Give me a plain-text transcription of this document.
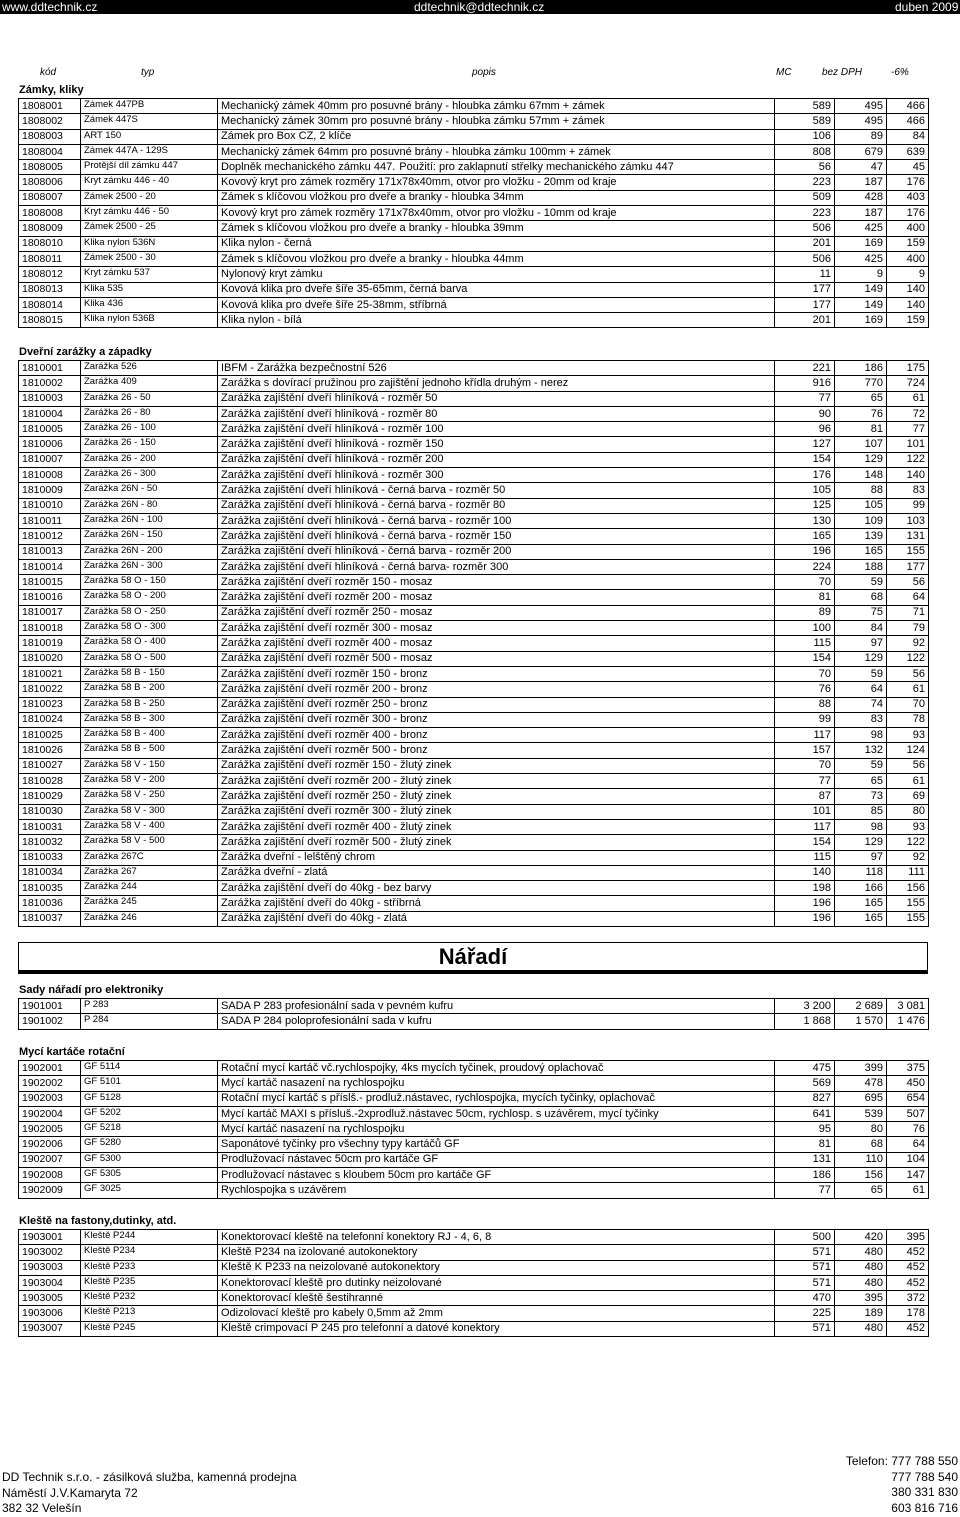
www.ddtechnik.cz	ddtechnik@ddtechnik.cz	duben 2009
kód	typ	popis	MC	bez DPH	-6%
Zámky, kliky
Dveřní zarážky a západky
Nářadí
Sady nářadí pro elektroniky
Mycí kartáče rotační
Kleště na fastony,dutinky, atd.
1808001	Zámek 447PB	Mechanický zámek 40mm pro posuvné brány - hloubka zámku 67mm + zámek	589	495	466
1808002	Zámek 447S	Mechanický zámek 30mm pro posuvné brány - hloubka zámku 57mm + zámek	589	495	466
1808003	ART 150	Zámek pro Box CZ, 2 klíče	106	89	84
1808004	Zámek 447A - 129S	Mechanický zámek 64mm pro posuvné brány - hloubka zámku 100mm + zámek	808	679	639
1808005	Protější díl zámku 447	Doplněk mechanického zámku 447. Použití: pro zaklapnutí střelky mechanického zámku 447	56	47	45
1808006	Kryt zámku 446 - 40	Kovový kryt pro zámek rozměry 171x78x40mm, otvor pro vložku - 20mm od kraje	223	187	176
1808007	Zámek 2500 - 20	Zámek s klíčovou vložkou pro dveře a branky - hloubka 34mm	509	428	403
1808008	Kryt zámku 446 - 50	Kovový kryt pro zámek rozměry 171x78x40mm, otvor pro vložku - 10mm od kraje	223	187	176
1808009	Zámek 2500 - 25	Zámek s klíčovou vložkou pro dveře a branky - hloubka 39mm	506	425	400
1808010	Klika nylon 536N	Klika nylon - černá	201	169	159
1808011	Zámek 2500 - 30	Zámek s klíčovou vložkou pro dveře a branky - hloubka 44mm	506	425	400
1808012	Kryt zámku 537	Nylonový kryt zámku	11	9	9
1808013	Klika 535	Kovová klika pro dveře šíře 35-65mm, černá barva	177	149	140
1808014	Klika 436	Kovová klika pro dveře šíře 25-38mm, stříbrná	177	149	140
1808015	Klika nylon 536B	Klika nylon - bílá	201	169	159
1810001	Zarážka 526	IBFM - Zarážka bezpečnostní 526	221	186	175
1810002	Zarážka 409	Zarážka s dovírací pružinou pro zajištění jednoho křídla druhým - nerez	916	770	724
1810003	Zarážka 26 - 50	Zarážka zajištění dveří hliníková - rozměr 50	77	65	61
1810004	Zarážka 26 - 80	Zarážka zajištění dveří hliníková - rozměr 80	90	76	72
1810005	Zarážka 26 - 100	Zarážka zajištění dveří hliníková - rozměr 100	96	81	77
1810006	Zarážka 26 - 150	Zarážka zajištění dveří hliníková - rozměr 150	127	107	101
1810007	Zarážka 26 - 200	Zarážka zajištění dveří hliníková - rozměr 200	154	129	122
1810008	Zarážka 26 - 300	Zarážka zajištění dveří hliníková - rozměr 300	176	148	140
1810009	Zarážka 26N - 50	Zarážka zajištění dveří hliníková - černá barva - rozměr 50	105	88	83
1810010	Zarážka 26N - 80	Zarážka zajištění dveří hliníková - černá barva - rozměr 80	125	105	99
1810011	Zarážka 26N - 100	Zarážka zajištění dveří hliníková - černá barva - rozměr 100	130	109	103
1810012	Zarážka 26N - 150	Zarážka zajištění dveří hliníková - černá barva - rozměr 150	165	139	131
1810013	Zarážka 26N - 200	Zarážka zajištění dveří hliníková - černá barva - rozměr 200	196	165	155
1810014	Zarážka 26N - 300	Zarážka zajištění dveří hliníková - černá barva- rozměr 300	224	188	177
1810015	Zarážka 58 O - 150	Zarážka zajištění dveří rozměr 150 - mosaz	70	59	56
1810016	Zarážka 58 O - 200	Zarážka zajištění dveří rozměr 200 - mosaz	81	68	64
1810017	Zarážka 58 O - 250	Zarážka zajištění dveří rozměr 250 - mosaz	89	75	71
1810018	Zarážka 58 O - 300	Zarážka zajištění dveří rozměr 300 - mosaz	100	84	79
1810019	Zarážka 58 O - 400	Zarážka zajištění dveří rozměr 400 - mosaz	115	97	92
1810020	Zarážka 58 O - 500	Zarážka zajištění dveří rozměr 500 - mosaz	154	129	122
1810021	Zarážka 58 B - 150	Zarážka zajištění dveří rozměr 150 - bronz	70	59	56
1810022	Zarážka 58 B - 200	Zarážka zajištění dveří rozměr 200 - bronz	76	64	61
1810023	Zarážka 58 B - 250	Zarážka zajištění dveří rozměr 250 - bronz	88	74	70
1810024	Zarážka 58 B - 300	Zarážka zajištění dveří rozměr 300 - bronz	99	83	78
1810025	Zarážka 58 B - 400	Zarážka zajištění dveří rozměr 400 - bronz	117	98	93
1810026	Zarážka 58 B - 500	Zarážka zajištění dveří rozměr 500 - bronz	157	132	124
1810027	Zarážka 58 V - 150	Zarážka zajištění dveří rozměr 150 - žlutý zinek	70	59	56
1810028	Zarážka 58 V - 200	Zarážka zajištění dveří rozměr 200 - žlutý zinek	77	65	61
1810029	Zarážka 58 V - 250	Zarážka zajištění dveří rozměr 250 - žlutý zinek	87	73	69
1810030	Zarážka 58 V - 300	Zarážka zajištění dveří rozměr 300 - žlutý zinek	101	85	80
1810031	Zarážka 58 V - 400	Zarážka zajištění dveří rozměr 400 - žlutý zinek	117	98	93
1810032	Zarážka 58 V - 500	Zarážka zajištění dveří rozměr 500 - žlutý zinek	154	129	122
1810033	Zarážka 267C	Zarážka dveřní - lelštěný chrom	115	97	92
1810034	Zarážka 267	Zarážka dveřní - zlatá	140	118	111
1810035	Zarážka 244	Zarážka zajištění dveří do 40kg - bez barvy	198	166	156
1810036	Zarážka 245	Zarážka zajištění dveří do 40kg - stříbrná	196	165	155
1810037	Zarážka 246	Zarážka zajištění dveří do 40kg - zlatá	196	165	155
1901001	P 283	SADA P 283 profesionální sada v pevném kufru	3 200	2 689	3 081
1901002	P 284	SADA P 284 poloprofesionální sada v kufru	1 868	1 570	1 476
1902001	GF 5114	Rotační mycí kartáč vč.rychlospojky, 4ks mycích tyčinek, proudový oplachovač	475	399	375
1902002	GF 5101	Mycí kartáč nasazení na rychlospojku	569	478	450
1902003	GF 5128	Rotační mycí kartáč s příslš.- prodluž.nástavec, rychlospojka, mycích tyčinky, oplachovač	827	695	654
1902004	GF 5202	Mycí kartáč MAXI s přísluš.-2xprodluž.nástavec 50cm, rychlosp. s uzávěrem, mycí tyčinky	641	539	507
1902005	GF 5218	Mycí kartáč nasazení na rychlospojku	95	80	76
1902006	GF 5280	Saponátové tyčinky pro všechny typy kartáčů GF	81	68	64
1902007	GF 5300	Prodlužovací nástavec 50cm pro kartáče GF	131	110	104
1902008	GF 5305	Prodlužovací nástavec s kloubem 50cm pro kartáče GF	186	156	147
1902009	GF 3025	Rychlospojka s uzávěrem	77	65	61
1903001	Kleště P244	Konektorovací kleště na telefonní konektory RJ - 4, 6, 8	500	420	395
1903002	Kleště P234	Kleště P234 na izolované autokonektory	571	480	452
1903003	Kleště P233	Kleště K P233 na neizolované autokonektory	571	480	452
1903004	Kleště P235	Konektorovací kleště pro dutinky neizolované	571	480	452
1903005	Kleště P232	Konektorovací kleště šestihranné	470	395	372
1903006	Kleště P213	Odizolovací kleště pro kabely 0,5mm až 2mm	225	189	178
1903007	Kleště P245	Kleště crimpovací P 245 pro telefonní a datové konektory	571	480	452
DD Technik s.r.o. - zásilková služba, kamenná prodejna
Náměstí J.V.Kamaryta 72
382 32 Velešín
Telefon: 777 788 550
777 788 540
380 331 830
603 816 716
